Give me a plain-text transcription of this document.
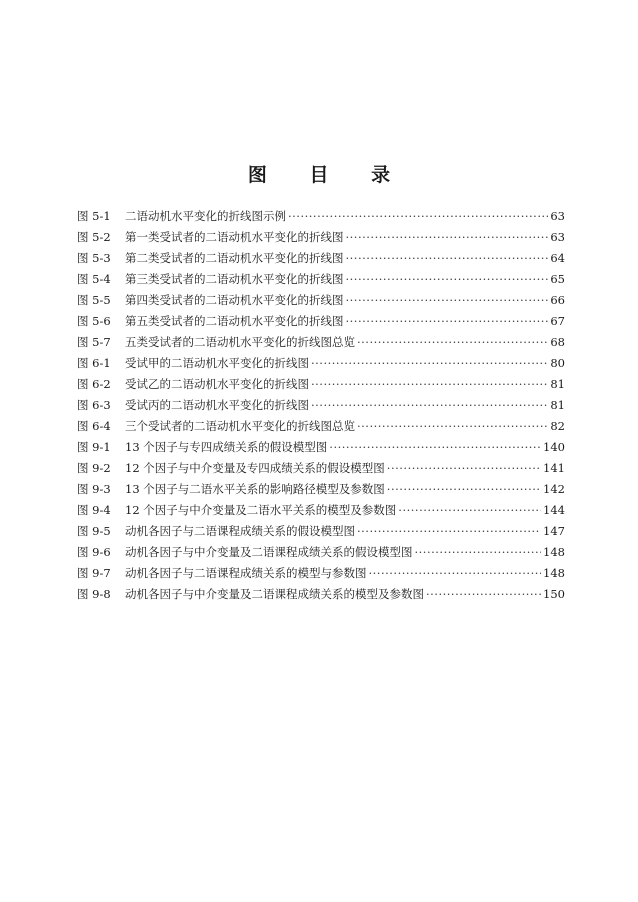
图 目 录
图 5-1	二语动机水平变化的折线图示例 ·····	63
图 5-2	第一类受试者的二语动机水平变化的折线图 ·····	63
图 5-3	第二类受试者的二语动机水平变化的折线图 ·····	64
图 5-4	第三类受试者的二语动机水平变化的折线图 ·····	65
图 5-5	第四类受试者的二语动机水平变化的折线图 ·····	66
图 5-6	第五类受试者的二语动机水平变化的折线图 ·····	67
图 5-7	五类受试者的二语动机水平变化的折线图总览 ·····	68
图 6-1	受试甲的二语动机水平变化的折线图 ·····	80
图 6-2	受试乙的二语动机水平变化的折线图 ·····	81
图 6-3	受试丙的二语动机水平变化的折线图 ·····	81
图 6-4	三个受试者的二语动机水平变化的折线图总览 ·····	82
图 9-1	13 个因子与专四成绩关系的假设模型图 ·····	140
图 9-2	12 个因子与中介变量及专四成绩关系的假设模型图 ·····	141
图 9-3	13 个因子与二语水平关系的影响路径模型及参数图 ·····	142
图 9-4	12 个因子与中介变量及二语水平关系的模型及参数图 ·····	144
图 9-5	动机各因子与二语课程成绩关系的假设模型图 ·····	147
图 9-6	动机各因子与中介变量及二语课程成绩关系的假设模型图 ·····	148
图 9-7	动机各因子与二语课程成绩关系的模型与参数图 ·····	148
图 9-8	动机各因子与中介变量及二语课程成绩关系的模型及参数图 ·····	150
